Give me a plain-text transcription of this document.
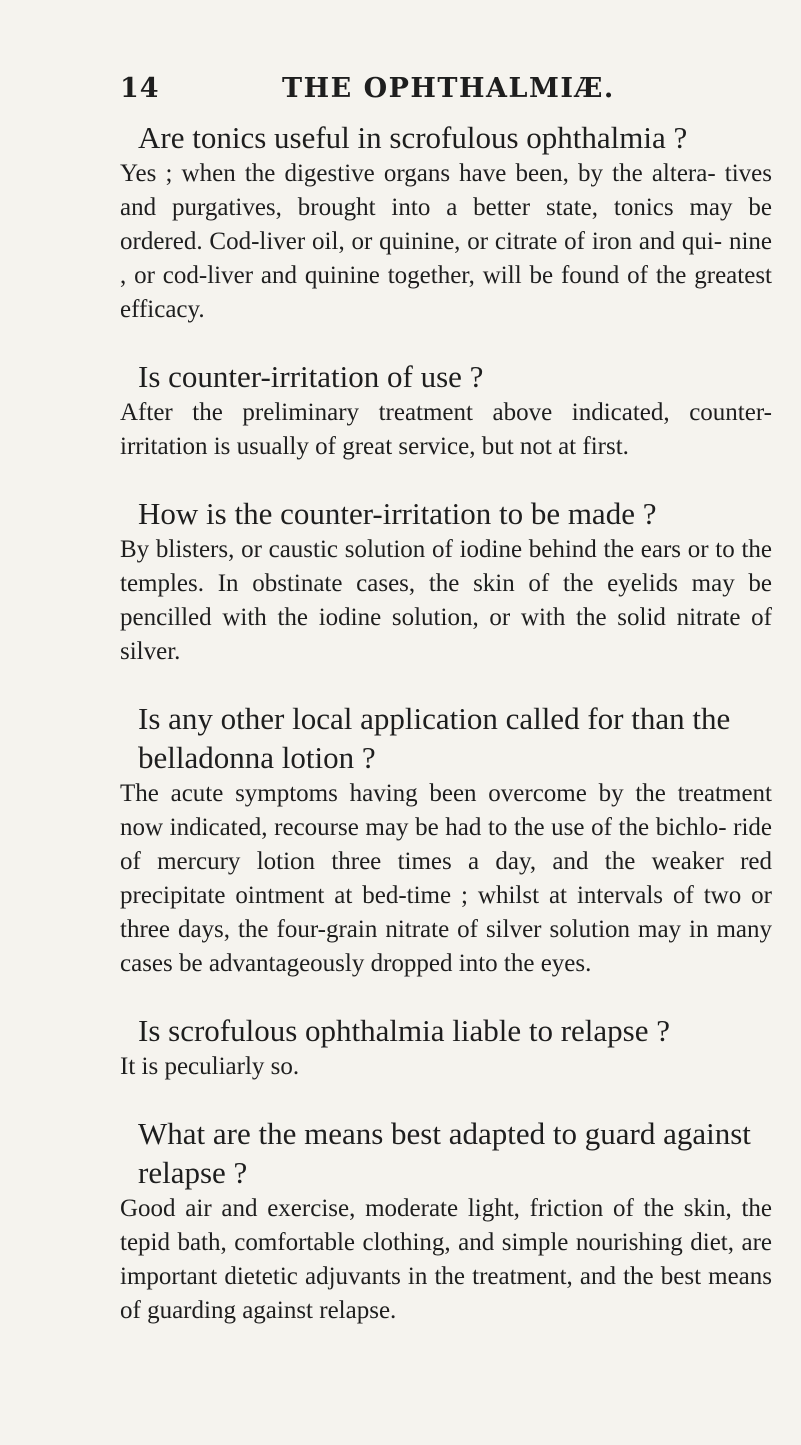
14	THE OPHTHALMIÆ.

Are tonics useful in scrofulous ophthalmia ?

Yes ; when the digestive organs have been, by the altera- tives and purgatives, brought into a better state, tonics may be ordered. Cod-liver oil, or quinine, or citrate of iron and qui- nine , or cod-liver and quinine together, will be found of the greatest efficacy.

Is counter-irritation of use ?

After the preliminary treatment above indicated, counter- irritation is usually of great service, but not at first.

How is the counter-irritation to be made ?

By blisters, or caustic solution of iodine behind the ears or to the temples. In obstinate cases, the skin of the eyelids may be pencilled with the iodine solution, or with the solid nitrate of silver.

Is any other local application called for than the belladonna lotion ?

The acute symptoms having been overcome by the treatment now indicated, recourse may be had to the use of the bichlo- ride of mercury lotion three times a day, and the weaker red precipitate ointment at bed-time ; whilst at intervals of two or three days, the four-grain nitrate of silver solution may in many cases be advantageously dropped into the eyes.

Is scrofulous ophthalmia liable to relapse ?

It is peculiarly so.

What are the means best adapted to guard against relapse ?

Good air and exercise, moderate light, friction of the skin, the tepid bath, comfortable clothing, and simple nourishing diet, are important dietetic adjuvants in the treatment, and the best means of guarding against relapse.
